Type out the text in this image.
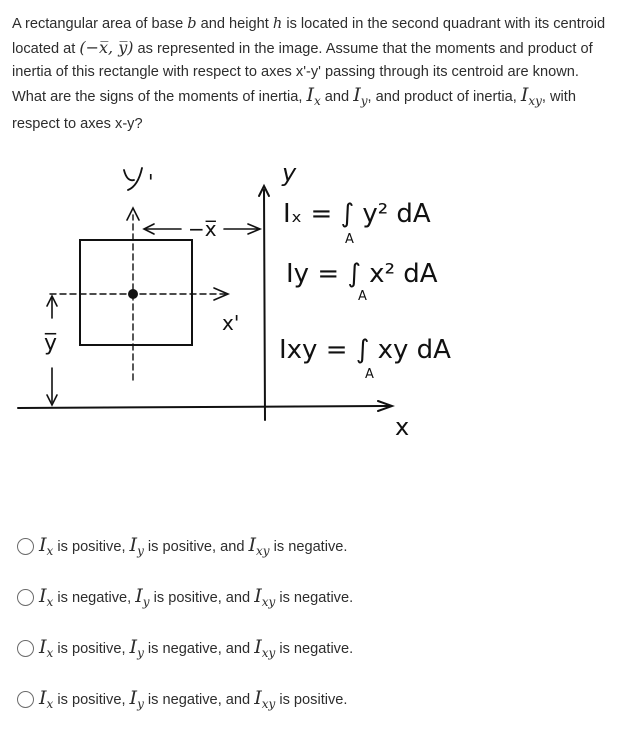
A rectangular area of base b and height h is located in the second quadrant with its centroid located at (−x̅, y̅) as represented in the image. Assume that the moments and product of inertia of this rectangle with respect to axes x'-y' passing through its centroid are known. What are the signs of the moments of inertia, $I_x$ and $I_y$, and product of inertia, $I_{xy}$, with respect to axes x-y?
'	y
x
x'
−x̅
y̅
Iₓ = ∫ y² dA
A
Iy = ∫ x² dA
A
Ixy = ∫ xy dA
A
$I_x$ is positive, $I_y$ is positive, and $I_{xy}$ is negative.
$I_x$ is negative, $I_y$ is positive, and $I_{xy}$ is negative.
$I_x$ is positive, $I_y$ is negative, and $I_{xy}$ is negative.
$I_x$ is positive, $I_y$ is negative, and $I_{xy}$ is positive.
